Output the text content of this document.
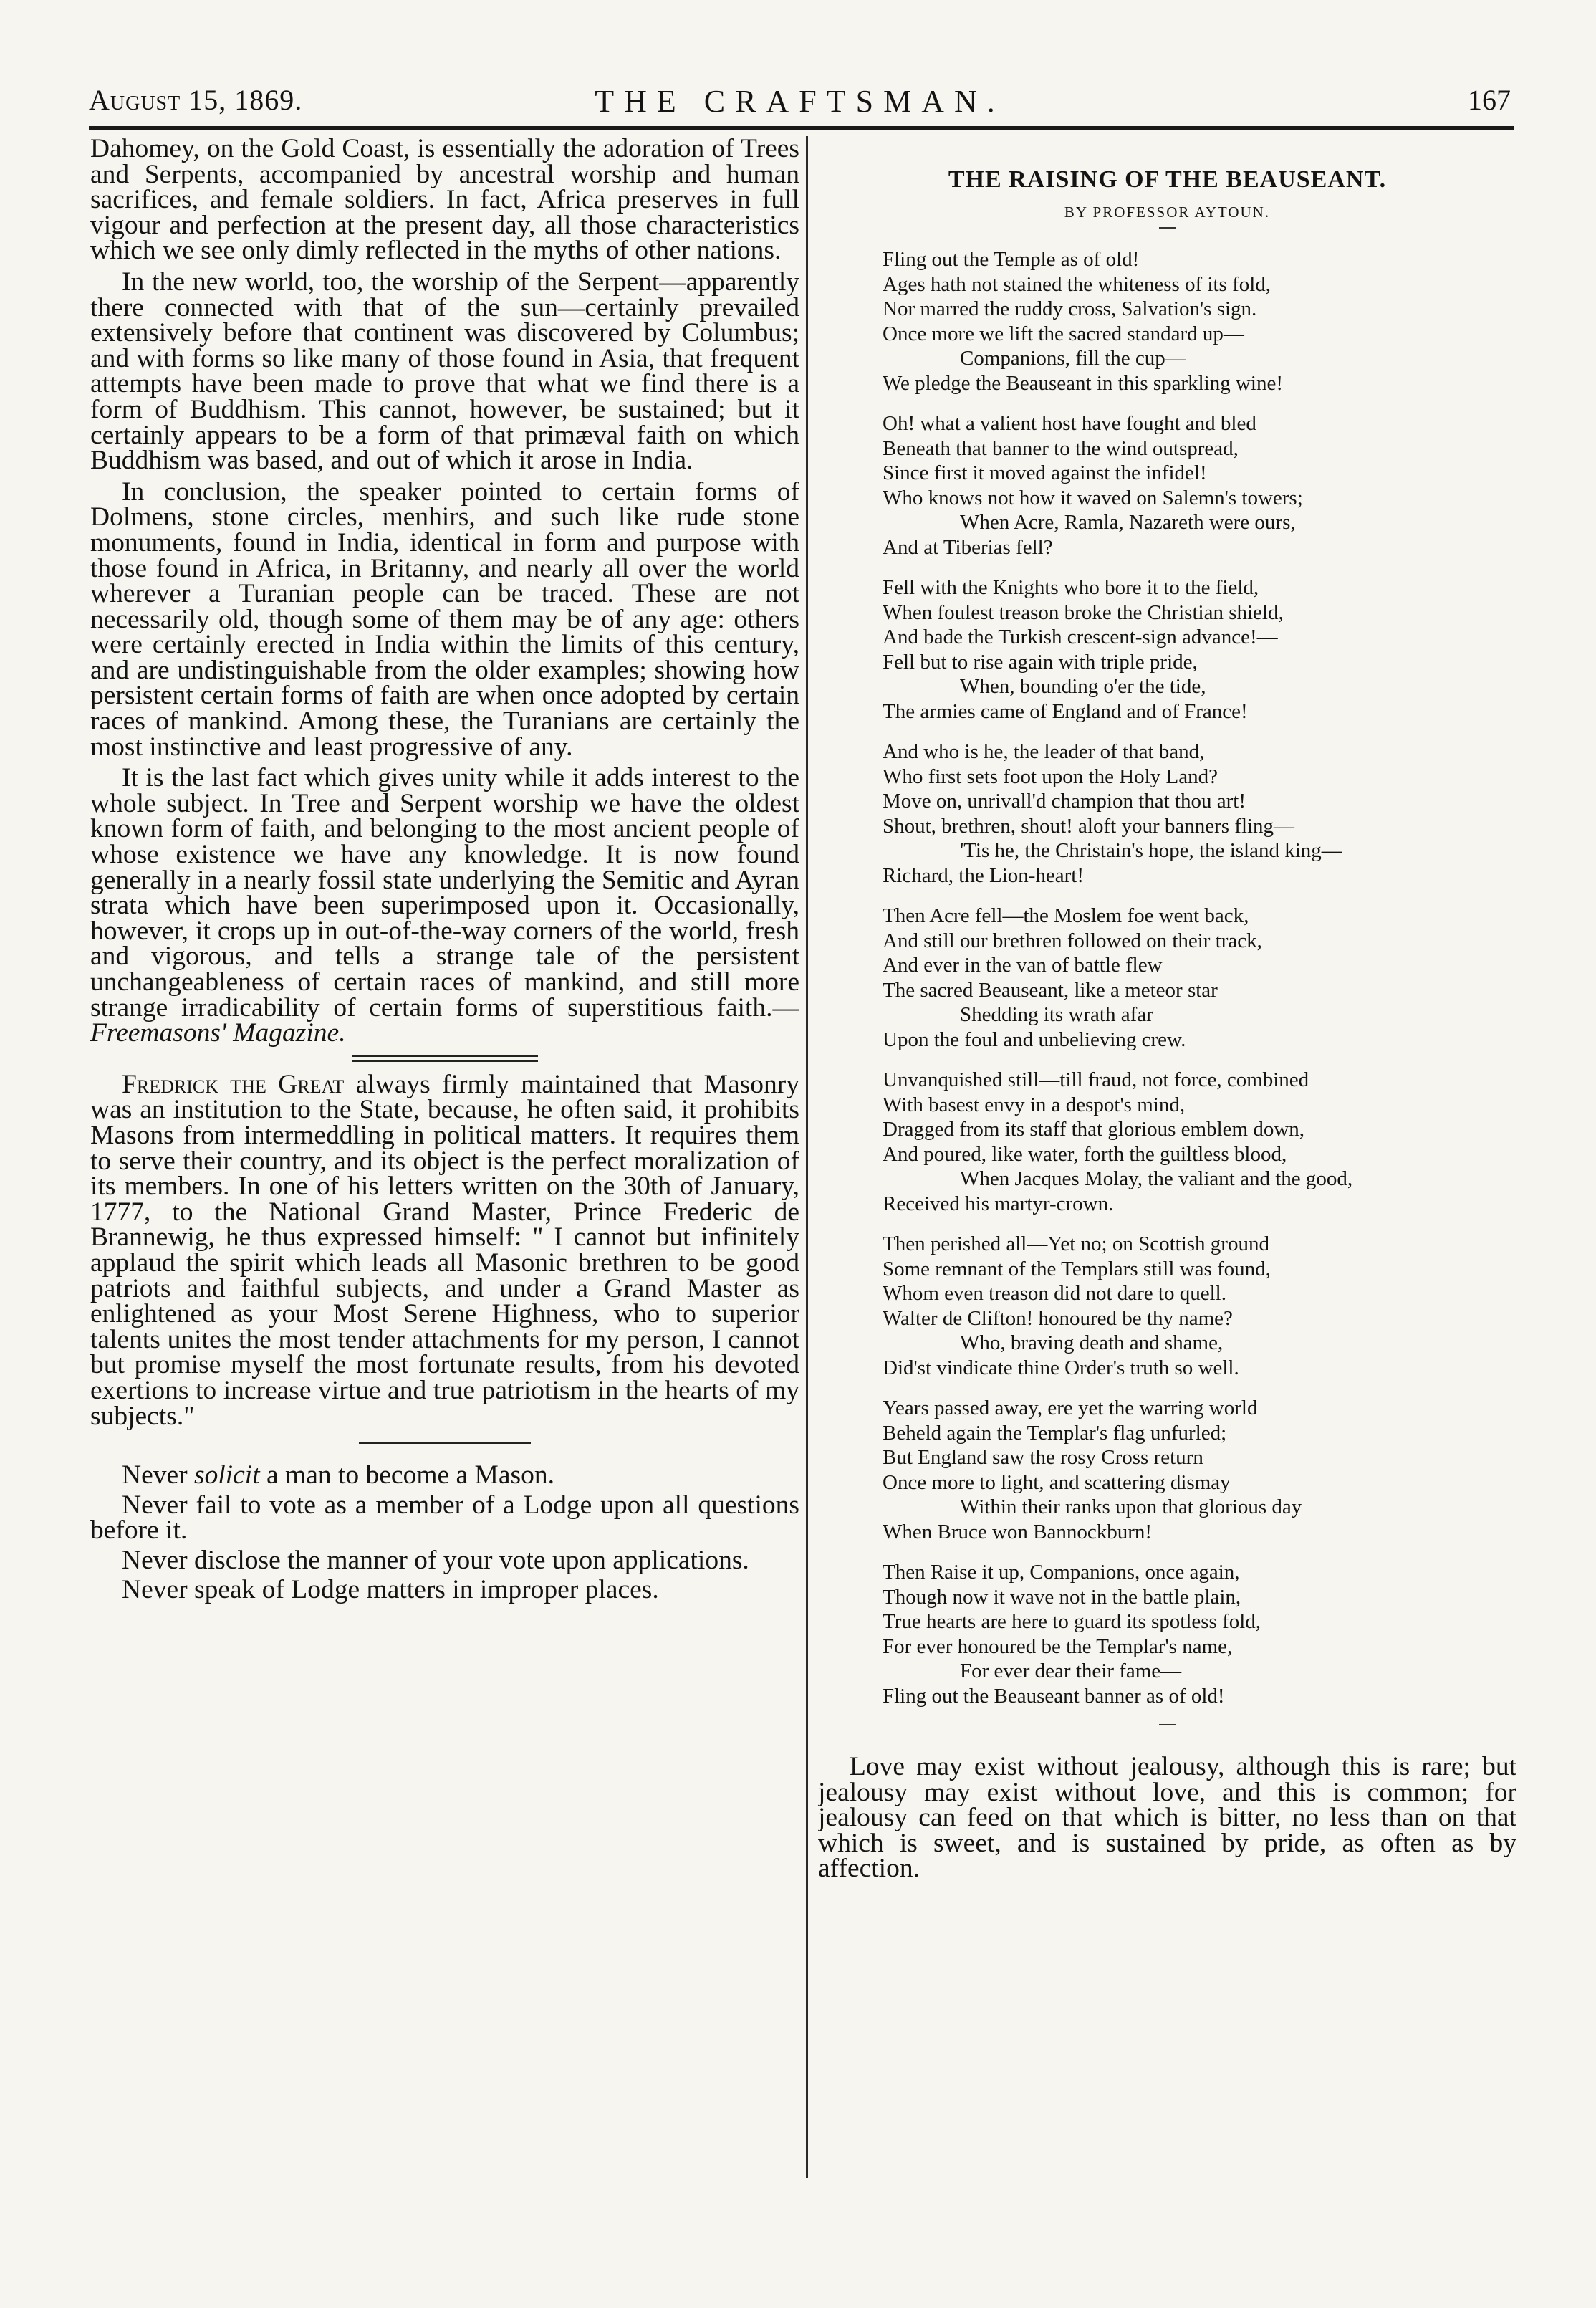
August 15, 1869.	THE CRAFTSMAN.	167

Dahomey, on the Gold Coast, is essentially the adoration of Trees and Serpents, accompanied by ancestral worship and human sacrifices, and female soldiers. In fact, Africa preserves in full vigour and perfection at the present day, all those characteristics which we see only dimly reflected in the myths of other nations.

In the new world, too, the worship of the Serpent—apparently there connected with that of the sun—certainly prevailed extensively before that continent was discovered by Columbus; and with forms so like many of those found in Asia, that frequent attempts have been made to prove that what we find there is a form of Buddhism. This cannot, however, be sustained; but it certainly appears to be a form of that primæval faith on which Buddhism was based, and out of which it arose in India.

In conclusion, the speaker pointed to certain forms of Dolmens, stone circles, menhirs, and such like rude stone monuments, found in India, identical in form and purpose with those found in Africa, in Britanny, and nearly all over the world wherever a Turanian people can be traced. These are not necessarily old, though some of them may be of any age: others were certainly erected in India within the limits of this century, and are undistinguishable from the older examples; showing how persistent certain forms of faith are when once adopted by certain races of mankind. Among these, the Turanians are certainly the most instinctive and least progressive of any.

It is the last fact which gives unity while it adds interest to the whole subject. In Tree and Serpent worship we have the oldest known form of faith, and belonging to the most ancient people of whose existence we have any knowledge. It is now found generally in a nearly fossil state underlying the Semitic and Ayran strata which have been superimposed upon it. Occasionally, however, it crops up in out-of-the-way corners of the world, fresh and vigorous, and tells a strange tale of the persistent unchangeableness of certain races of mankind, and still more strange irradicability of certain forms of superstitious faith.—Freemasons' Magazine.

Fredrick the Great always firmly maintained that Masonry was an institution to the State, because, he often said, it prohibits Masons from intermeddling in political matters. It requires them to serve their country, and its object is the perfect moralization of its members. In one of his letters written on the 30th of January, 1777, to the National Grand Master, Prince Frederic de Brannewig, he thus expressed himself: " I cannot but infinitely applaud the spirit which leads all Masonic brethren to be good patriots and faithful subjects, and under a Grand Master as enlightened as your Most Serene Highness, who to superior talents unites the most tender attachments for my person, I cannot but promise myself the most fortunate results, from his devoted exertions to increase virtue and true patriotism in the hearts of my subjects."

Never solicit a man to become a Mason.

Never fail to vote as a member of a Lodge upon all questions before it.

Never disclose the manner of your vote upon applications.

Never speak of Lodge matters in improper places.

THE RAISING OF THE BEAUSEANT.
BY PROFESSOR AYTOUN.
Fling out the Temple as of old!
Ages hath not stained the whiteness of its fold,
Nor marred the ruddy cross, Salvation's sign.
Once more we lift the sacred standard up—
Companions, fill the cup—
We pledge the Beauseant in this sparkling wine!
Oh! what a valient host have fought and bled
Beneath that banner to the wind outspread,
Since first it moved against the infidel!
Who knows not how it waved on Salemn's towers;
When Acre, Ramla, Nazareth were ours,
And at Tiberias fell?
Fell with the Knights who bore it to the field,
When foulest treason broke the Christian shield,
And bade the Turkish crescent-sign advance!—
Fell but to rise again with triple pride,
When, bounding o'er the tide,
The armies came of England and of France!
And who is he, the leader of that band,
Who first sets foot upon the Holy Land?
Move on, unrivall'd champion that thou art!
Shout, brethren, shout! aloft your banners fling—
'Tis he, the Christain's hope, the island king—
Richard, the Lion-heart!
Then Acre fell—the Moslem foe went back,
And still our brethren followed on their track,
And ever in the van of battle flew
The sacred Beauseant, like a meteor star
Shedding its wrath afar
Upon the foul and unbelieving crew.
Unvanquished still—till fraud, not force, combined
With basest envy in a despot's mind,
Dragged from its staff that glorious emblem down,
And poured, like water, forth the guiltless blood,
When Jacques Molay, the valiant and the good,
Received his martyr-crown.
Then perished all—Yet no; on Scottish ground
Some remnant of the Templars still was found,
Whom even treason did not dare to quell.
Walter de Clifton! honoured be thy name?
Who, braving death and shame,
Did'st vindicate thine Order's truth so well.
Years passed away, ere yet the warring world
Beheld again the Templar's flag unfurled;
But England saw the rosy Cross return
Once more to light, and scattering dismay
Within their ranks upon that glorious day
When Bruce won Bannockburn!
Then Raise it up, Companions, once again,
Though now it wave not in the battle plain,
True hearts are here to guard its spotless fold,
For ever honoured be the Templar's name,
For ever dear their fame—
Fling out the Beauseant banner as of old!

Love may exist without jealousy, although this is rare; but jealousy may exist without love, and this is common; for jealousy can feed on that which is bitter, no less than on that which is sweet, and is sustained by pride, as often as by affection.
